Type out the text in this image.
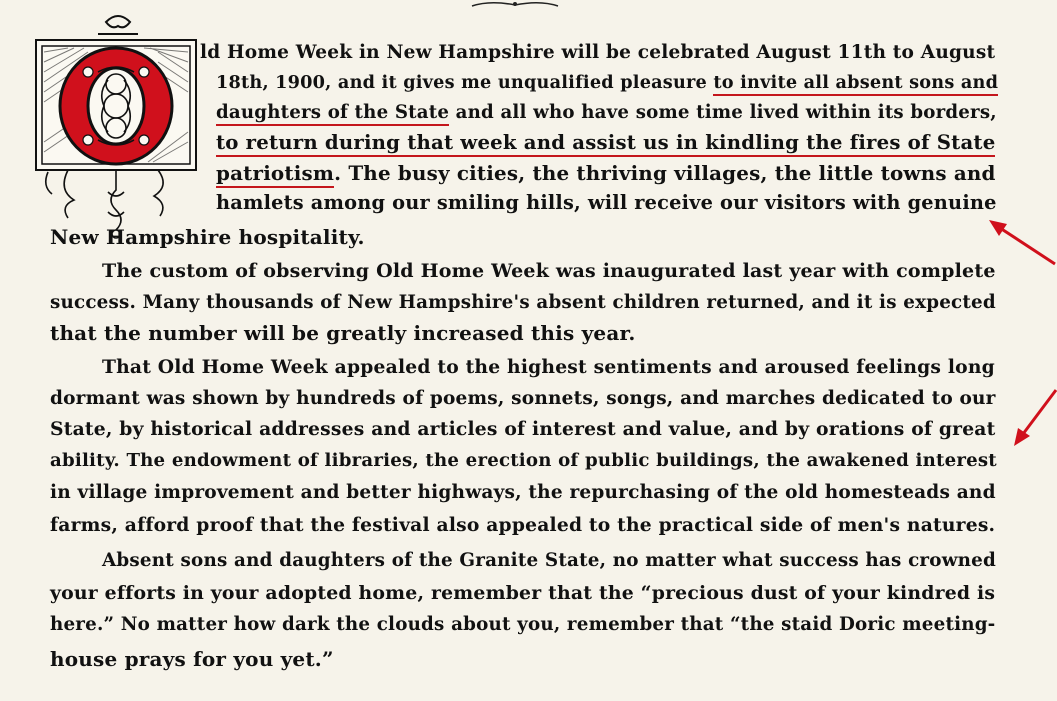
ld Home Week in New Hampshire will be celebrated August 11th to August
18th, 1900, and it gives me unqualified pleasure to invite all absent sons and
daughters of the State and all who have some time lived within its borders,
to return during that week and assist us in kindling the fires of State
patriotism. The busy cities, the thriving villages, the little towns and
hamlets among our smiling hills, will receive our visitors with genuine
New Hampshire hospitality.
The custom of observing Old Home Week was inaugurated last year with complete
success. Many thousands of New Hampshire's absent children returned, and it is expected
that the number will be greatly increased this year.
That Old Home Week appealed to the highest sentiments and aroused feelings long
dormant was shown by hundreds of poems, sonnets, songs, and marches dedicated to our
State, by historical addresses and articles of interest and value, and by orations of great
ability. The endowment of libraries, the erection of public buildings, the awakened interest
in village improvement and better highways, the repurchasing of the old homesteads and
farms, afford proof that the festival also appealed to the practical side of men's natures.
Absent sons and daughters of the Granite State, no matter what success has crowned
your efforts in your adopted home, remember that the “precious dust of your kindred is
here.” No matter how dark the clouds about you, remember that “the staid Doric meeting-
house prays for you yet.”
